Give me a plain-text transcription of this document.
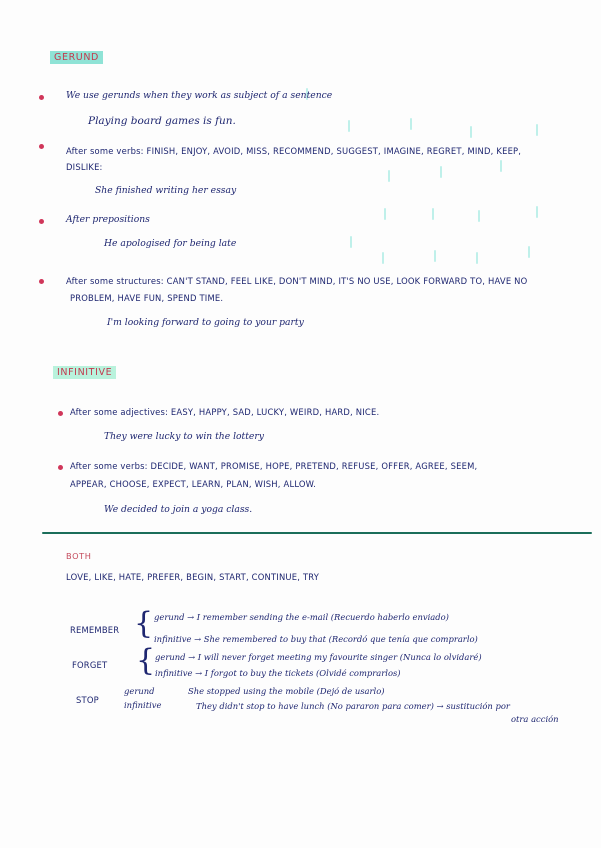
GERUND
We use gerunds when they work as subject of a sentence
Playing board games is fun.
After some verbs: FINISH, ENJOY, AVOID, MISS, RECOMMEND, SUGGEST, IMAGINE, REGRET, MIND, KEEP,
DISLIKE:
She finished writing her essay
After prepositions
He apologised for being late
After some structures: CAN'T STAND, FEEL LIKE, DON'T MIND, IT'S NO USE, LOOK FORWARD TO, HAVE NO
PROBLEM, HAVE FUN, SPEND TIME.
I'm looking forward to going to your party
INFINITIVE
After some adjectives: EASY, HAPPY, SAD, LUCKY, WEIRD, HARD, NICE.
They were lucky to win the lottery
After some verbs: DECIDE, WANT, PROMISE, HOPE, PRETEND, REFUSE, OFFER, AGREE, SEEM,
APPEAR, CHOOSE, EXPECT, LEARN, PLAN, WISH, ALLOW.
We decided to join a yoga class.
BOTH
LOVE, LIKE, HATE, PREFER, BEGIN, START, CONTINUE, TRY
REMEMBER { gerund → I remember sending the e-mail (Recuerdo haberlo enviado)
infinitive → She remembered to buy that (Recordó que tenía que comprarlo)
FORGET { gerund → I will never forget meeting my favourite singer (Nunca lo olvidaré)
infinitive → I forgot to buy the tickets (Olvidé comprarlos)
STOP
gerund
infinitive
She stopped using the mobile (Dejó de usarlo)
They didn't stop to have lunch (No pararon para comer) → sustitución por
otra acción
